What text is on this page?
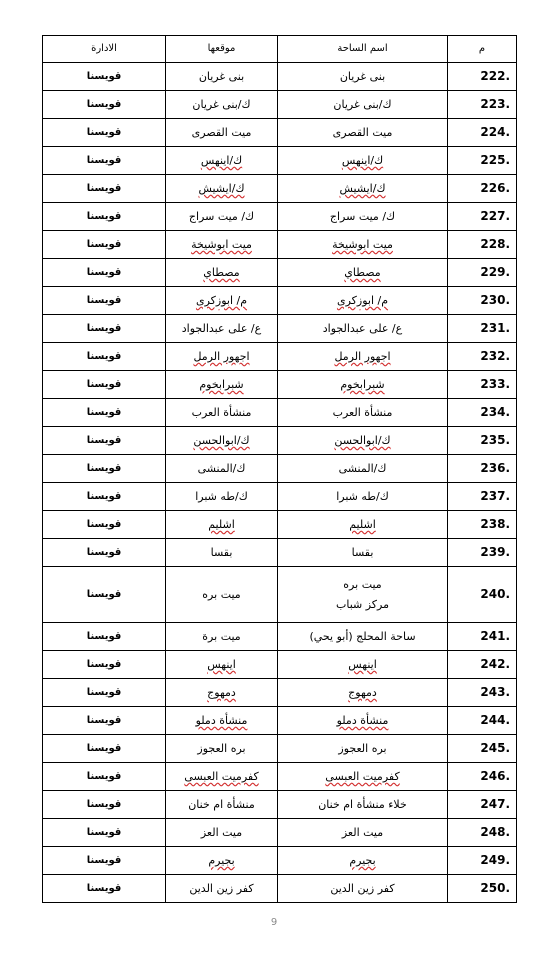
م	اسم الساحة	موقعها	الادارة
222.	بنى غريان	بنى غريان	قويسنا
223.	ك/بنى غريان	ك/بنى غريان	قويسنا
224.	ميت القصرى	ميت القصرى	قويسنا
225.	ك/اينهس	ك/اينهس	قويسنا
226.	ك/ايشيش	ك/ايشيش	قويسنا
227.	ك/ ميت سراج	ك/ ميت سراج	قويسنا
228.	ميت ابوشيخة	ميت ابوشيخة	قويسنا
229.	مصطاي	مصطاي	قويسنا
230.	م/ ابوزكرى	م/ ابوزكرى	قويسنا
231.	ع/ على عبدالجواد	ع/ على عبدالجواد	قويسنا
232.	اجهور الرمل	اجهور الرمل	قويسنا
233.	شبرابخوم	شبرابخوم	قويسنا
234.	منشأة العرب	منشأة العرب	قويسنا
235.	ك/ابوالحسن	ك/ابوالحسن	قويسنا
236.	ك/المنشى	ك/المنشى	قويسنا
237.	ك/طه شبرا	ك/طه شبرا	قويسنا
238.	اشليم	اشليم	قويسنا
239.	بقسا	بقسا	قويسنا
240.	ميت بره
مركز شباب	ميت بره	قويسنا
241.	ساحة المحلج (أبو يحي)	ميت برة	قويسنا
242.	اينهس	اينهس	قويسنا
243.	دمهوج	دمهوج	قويسنا
244.	منشأة دملو	منشأة دملو	قويسنا
245.	بره العجوز	بره العجوز	قويسنا
246.	كفرميت العبسى	كفرميت العبسى	قويسنا
247.	خلاء منشأة ام خنان	منشأة ام خنان	قويسنا
248.	ميت العز	ميت العز	قويسنا
249.	بجيرم	بجيرم	قويسنا
250.	كفر زين الدين	كفر زين الدين	قويسنا
9
